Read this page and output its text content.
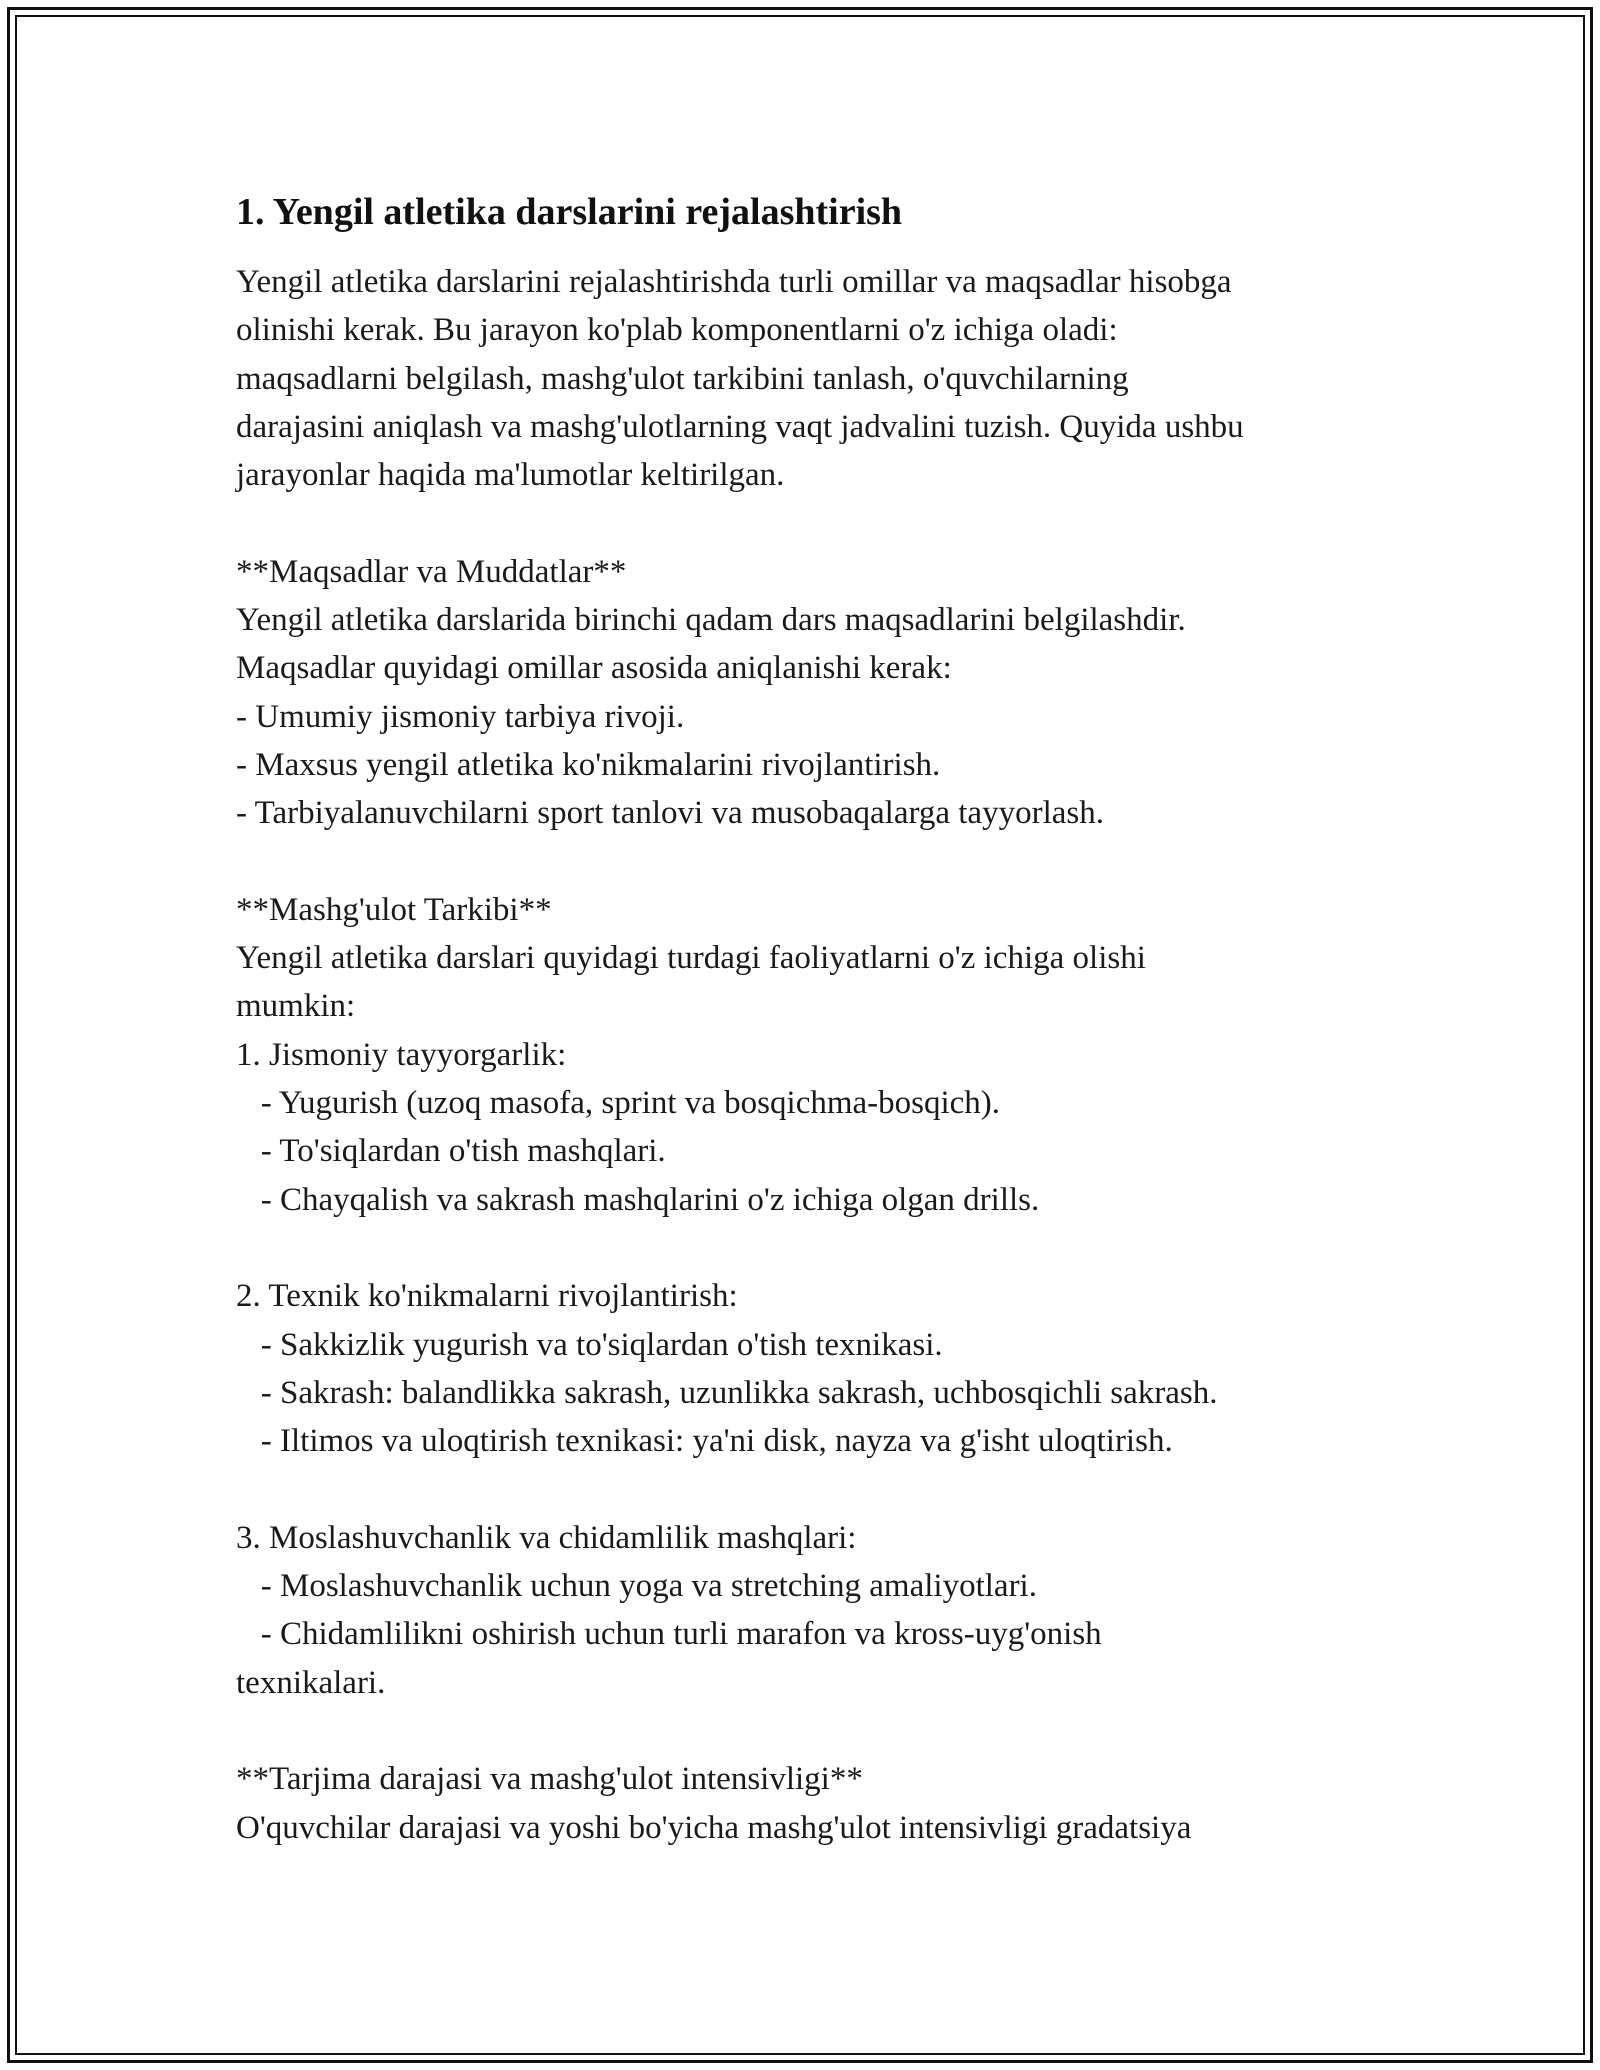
1. Yengil atletika darslarini rejalashtirish
Yengil atletika darslarini rejalashtirishda turli omillar va maqsadlar hisobga
olinishi kerak. Bu jarayon ko'plab komponentlarni o'z ichiga oladi:
maqsadlarni belgilash, mashg'ulot tarkibini tanlash, o'quvchilarning
darajasini aniqlash va mashg'ulotlarning vaqt jadvalini tuzish. Quyida ushbu
jarayonlar haqida ma'lumotlar keltirilgan.
**Maqsadlar va Muddatlar**
Yengil atletika darslarida birinchi qadam dars maqsadlarini belgilashdir.
Maqsadlar quyidagi omillar asosida aniqlanishi kerak:
- Umumiy jismoniy tarbiya rivoji.
- Maxsus yengil atletika ko'nikmalarini rivojlantirish.
- Tarbiyalanuvchilarni sport tanlovi va musobaqalarga tayyorlash.
**Mashg'ulot Tarkibi**
Yengil atletika darslari quyidagi turdagi faoliyatlarni o'z ichiga olishi
mumkin:
1. Jismoniy tayyorgarlik:
- Yugurish (uzoq masofa, sprint va bosqichma-bosqich).
- To'siqlardan o'tish mashqlari.
- Chayqalish va sakrash mashqlarini o'z ichiga olgan drills.
2. Texnik ko'nikmalarni rivojlantirish:
- Sakkizlik yugurish va to'siqlardan o'tish texnikasi.
- Sakrash: balandlikka sakrash, uzunlikka sakrash, uchbosqichli sakrash.
- Iltimos va uloqtirish texnikasi: ya'ni disk, nayza va g'isht uloqtirish.
3. Moslashuvchanlik va chidamlilik mashqlari:
- Moslashuvchanlik uchun yoga va stretching amaliyotlari.
- Chidamlilikni oshirish uchun turli marafon va kross-uyg'onish
texnikalari.
**Tarjima darajasi va mashg'ulot intensivligi**
O'quvchilar darajasi va yoshi bo'yicha mashg'ulot intensivligi gradatsiya
